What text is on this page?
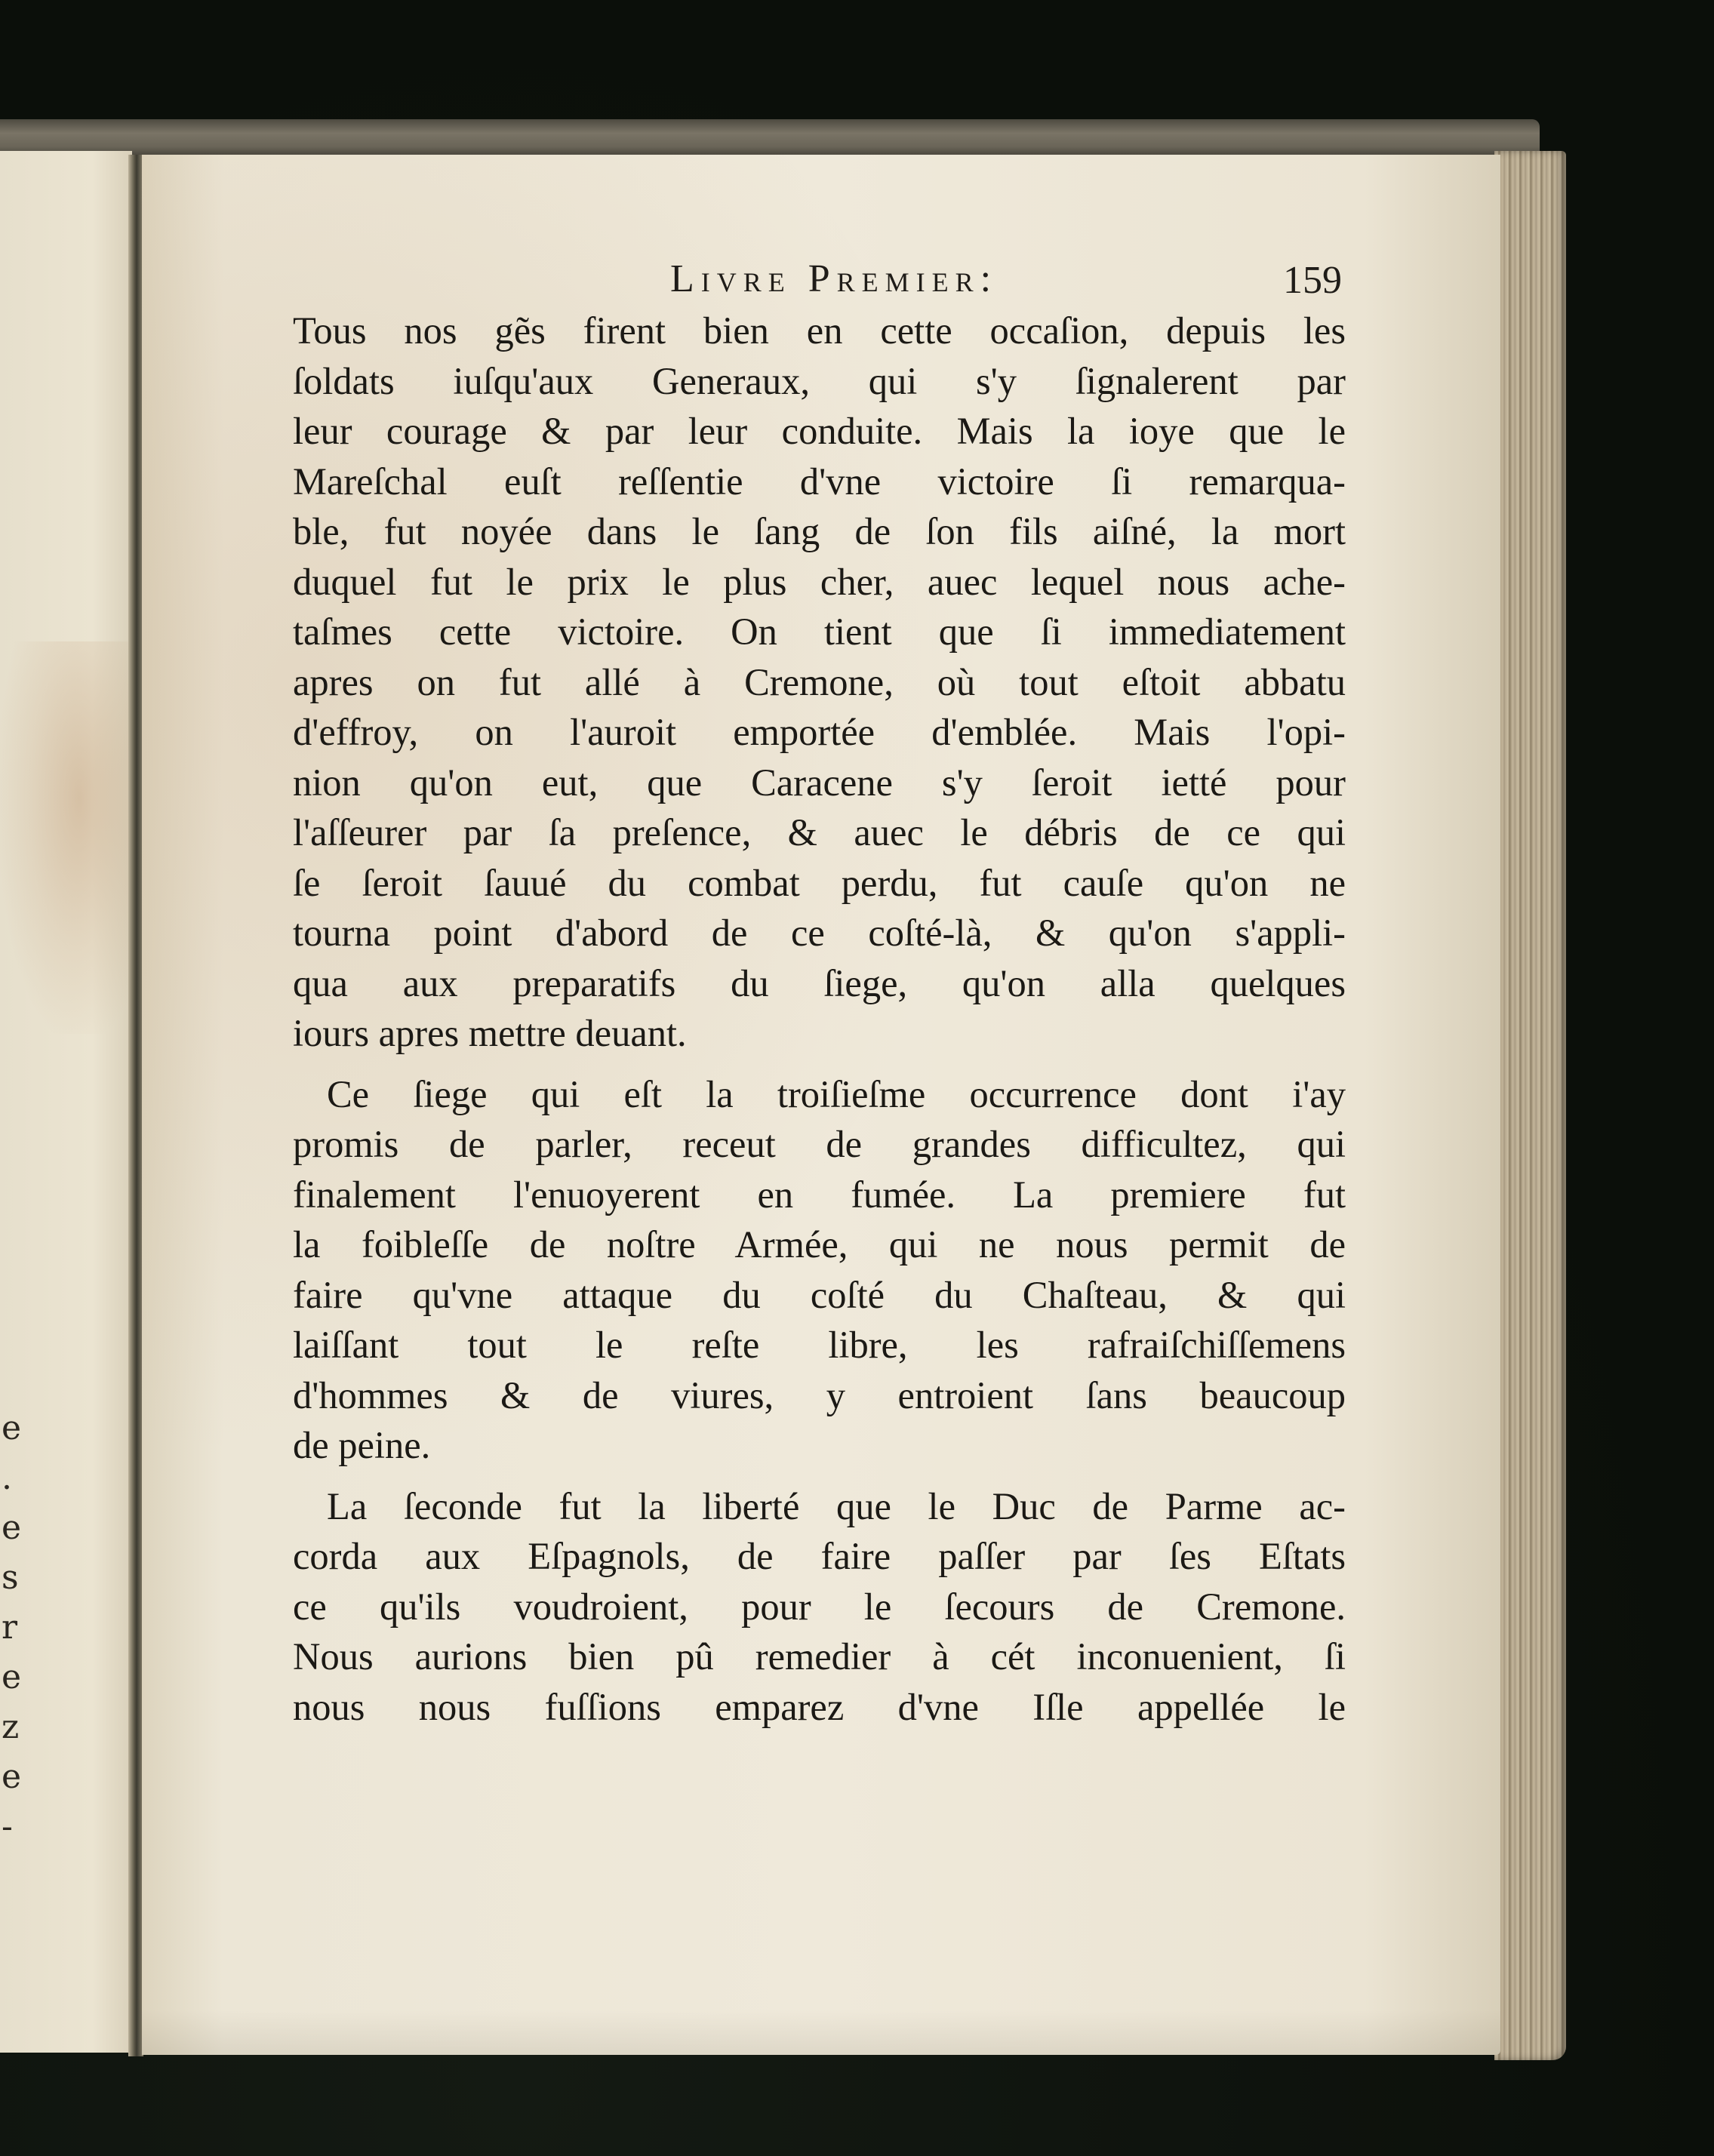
e
.
e
s
r
e
z
e
-
Livre Premier:	159
Tous nos gẽs firent bien en cette occaſion, depuis les
ſoldats iuſqu'aux Generaux, qui s'y ſignalerent par
leur courage & par leur conduite. Mais la ioye que le
Mareſchal euſt reſſentie d'vne victoire ſi remarqua-
ble, fut noyée dans le ſang de ſon fils aiſné, la mort
duquel fut le prix le plus cher, auec lequel nous ache-
taſmes cette victoire. On tient que ſi immediatement
apres on fut allé à Cremone, où tout eſtoit abbatu
d'effroy, on l'auroit emportée d'emblée. Mais l'opi-
nion qu'on eut, que Caracene s'y ſeroit ietté pour
l'aſſeurer par ſa preſence, & auec le débris de ce qui
ſe ſeroit ſauué du combat perdu, fut cauſe qu'on ne
tourna point d'abord de ce coſté-là, & qu'on s'appli-
qua aux preparatifs du ſiege, qu'on alla quelques
iours apres mettre deuant.
Ce ſiege qui eſt la troiſieſme occurrence dont i'ay
promis de parler, receut de grandes difficultez, qui
finalement l'enuoyerent en fumée. La premiere fut
la foibleſſe de noſtre Armée, qui ne nous permit de
faire qu'vne attaque du coſté du Chaſteau, & qui
laiſſant tout le reſte libre, les rafraiſchiſſemens
d'hommes & de viures, y entroient ſans beaucoup
de peine.
La ſeconde fut la liberté que le Duc de Parme ac-
corda aux Eſpagnols, de faire paſſer par ſes Eſtats
ce qu'ils voudroient, pour le ſecours de Cremone.
Nous aurions bien pû remedier à cét inconuenient, ſi
nous nous fuſſions emparez d'vne Iſle appellée le
